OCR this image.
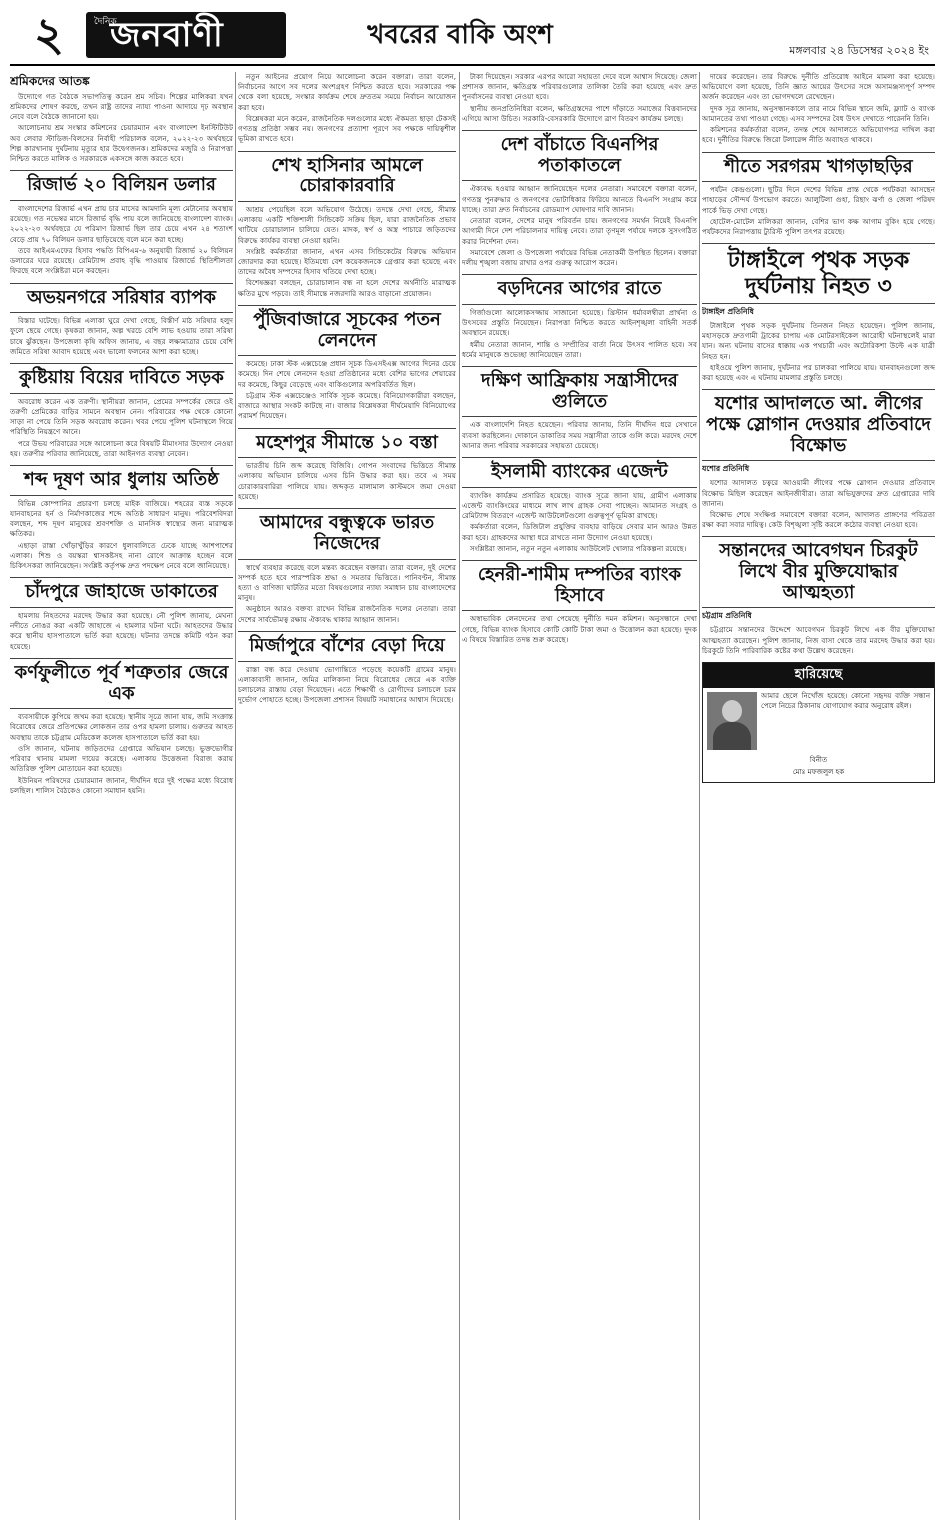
২	দৈনিক
জনবাণী	খবরের বাকি অংশ
মঙ্গলবার ২৪ ডিসেম্বর ২০২৪ ইং
শ্রমিকদের আতঙ্ক

উদ্যোগে গত বৈঠকে সভাপতিত্ব করেন শ্রম সচিব। শিল্পের মালিকরা যখন শ্রমিকদের শোষণ করছে, তখন রাষ্ট্র তাদের ন্যায্য পাওনা আদায়ে দৃঢ় অবস্থান নেবে বলে বৈঠকে জানানো হয়।

আলোচনায় শ্রম সংস্কার কমিশনের চেয়ারম্যান এবং বাংলাদেশ ইনস্টিটিউট অব লেবার স্টাডিজ-বিলসের নির্বাহী পরিচালক বলেন, ২০২২-২৩ অর্থবছরে শিল্প কারখানায় দুর্ঘটনায় মৃত্যুর হার উদ্বেগজনক। শ্রমিকদের মজুরি ও নিরাপত্তা নিশ্চিত করতে মালিক ও সরকারকে একসঙ্গে কাজ করতে হবে।

রিজার্ভ ২০ বিলিয়ন ডলার

বাংলাদেশের রিজার্ভ এখন প্রায় চার মাসের আমদানি মূল্য মেটানোর অবস্থায় রয়েছে। গত নভেম্বর মাসে রিজার্ভ বৃদ্ধি পায় বলে জানিয়েছে বাংলাদেশ ব্যাংক। ২০২২-২৩ অর্থবছরে যে পরিমাণ রিজার্ভ ছিল তার চেয়ে এখন ২৪ শতাংশ বেড়ে প্রায় ৭০ বিলিয়ন ডলার ছাড়িয়েছে বলে মনে করা হচ্ছে।

তবে আইএমএফের হিসাব পদ্ধতি বিপিএম-৬ অনুযায়ী রিজার্ভ ২০ বিলিয়ন ডলারের ঘরে রয়েছে। রেমিট্যান্স প্রবাহ বৃদ্ধি পাওয়ায় রিজার্ভে স্থিতিশীলতা ফিরছে বলে সংশ্লিষ্টরা মনে করছেন।

অভয়নগরে সরিষার ব্যাপক

বিস্তার ঘটেছে। বিভিন্ন এলাকা ঘুরে দেখা গেছে, বিস্তীর্ণ মাঠ সরিষার হলুদ ফুলে ছেয়ে গেছে। কৃষকরা জানান, অল্প খরচে বেশি লাভ হওয়ায় তারা সরিষা চাষে ঝুঁকছেন। উপজেলা কৃষি অফিস জানায়, এ বছর লক্ষ্যমাত্রার চেয়ে বেশি জমিতে সরিষা আবাদ হয়েছে এবং ভালো ফলনের আশা করা হচ্ছে।

কুষ্টিয়ায় বিয়ের দাবিতে সড়ক

অবরোধ করেন এক তরুণী। স্থানীয়রা জানান, প্রেমের সম্পর্কের জেরে ওই তরুণী প্রেমিকের বাড়ির সামনে অবস্থান নেন। পরিবারের পক্ষ থেকে কোনো সাড়া না পেয়ে তিনি সড়ক অবরোধ করেন। খবর পেয়ে পুলিশ ঘটনাস্থলে গিয়ে পরিস্থিতি নিয়ন্ত্রণে আনে।

পরে উভয় পরিবারের সঙ্গে আলোচনা করে বিষয়টি মীমাংসার উদ্যোগ নেওয়া হয়। তরুণীর পরিবার জানিয়েছে, তারা আইনগত ব্যবস্থা নেবেন।

শব্দ দূষণ আর ধুলায় অতিষ্ঠ

বিভিন্ন কোম্পানির প্রচারণা চলছে মাইক বাজিয়ে। শহরের ব্যস্ত সড়কে যানবাহনের হর্ন ও নির্মাণকাজের শব্দে অতিষ্ঠ সাধারণ মানুষ। পরিবেশবিদরা বলছেন, শব্দ দূষণ মানুষের শ্রবণশক্তি ও মানসিক স্বাস্থ্যের জন্য মারাত্মক ক্ষতিকর।

এছাড়া রাস্তা খোঁড়াখুঁড়ির কারণে ধুলাবালিতে ঢেকে যাচ্ছে আশপাশের এলাকা। শিশু ও বয়স্করা শ্বাসকষ্টসহ নানা রোগে আক্রান্ত হচ্ছেন বলে চিকিৎসকরা জানিয়েছেন। সংশ্লিষ্ট কর্তৃপক্ষ দ্রুত পদক্ষেপ নেবে বলে জানিয়েছে।

চাঁদপুরে জাহাজে ডাকাতের

হামলায় নিহতদের মরদেহ উদ্ধার করা হয়েছে। নৌ পুলিশ জানায়, মেঘনা নদীতে নোঙর করা একটি জাহাজে এ হামলার ঘটনা ঘটে। আহতদের উদ্ধার করে স্থানীয় হাসপাতালে ভর্তি করা হয়েছে। ঘটনার তদন্তে কমিটি গঠন করা হয়েছে।

কর্ণফুলীতে পূর্ব শত্রুতার জেরে এক

ব্যবসায়ীকে কুপিয়ে জখম করা হয়েছে। স্থানীয় সূত্রে জানা যায়, জমি সংক্রান্ত বিরোধের জেরে প্রতিপক্ষের লোকজন তার ওপর হামলা চালায়। গুরুতর আহত অবস্থায় তাকে চট্টগ্রাম মেডিকেল কলেজ হাসপাতালে ভর্তি করা হয়।

ওসি জানান, ঘটনায় জড়িতদের গ্রেপ্তারে অভিযান চলছে। ভুক্তভোগীর পরিবার থানায় মামলা দায়ের করেছে। এলাকায় উত্তেজনা বিরাজ করায় অতিরিক্ত পুলিশ মোতায়েন করা হয়েছে।

ইউনিয়ন পরিষদের চেয়ারম্যান জানান, দীর্ঘদিন ধরে দুই পক্ষের মধ্যে বিরোধ চলছিল। শালিস বৈঠকেও কোনো সমাধান হয়নি।

নতুন আইনের প্রয়োগ নিয়ে আলোচনা করেন বক্তারা। তারা বলেন, নির্বাচনের আগে সব দলের অংশগ্রহণ নিশ্চিত করতে হবে। সরকারের পক্ষ থেকে বলা হয়েছে, সংস্কার কার্যক্রম শেষে দ্রুততম সময়ে নির্বাচন আয়োজন করা হবে।

বিশ্লেষকরা মনে করেন, রাজনৈতিক দলগুলোর মধ্যে ঐকমত্য ছাড়া টেকসই গণতন্ত্র প্রতিষ্ঠা সম্ভব নয়। জনগণের প্রত্যাশা পূরণে সব পক্ষকে দায়িত্বশীল ভূমিকা রাখতে হবে।

শেখ হাসিনার আমলে চোরাকারবারি

আশ্রয় পেয়েছিল বলে অভিযোগ উঠেছে। তদন্তে দেখা গেছে, সীমান্ত এলাকায় একটি শক্তিশালী সিন্ডিকেট সক্রিয় ছিল, যারা রাজনৈতিক প্রভাব খাটিয়ে চোরাচালান চালিয়ে যেত। মাদক, স্বর্ণ ও অস্ত্র পাচারে জড়িতদের বিরুদ্ধে কার্যকর ব্যবস্থা নেওয়া হয়নি।

সংশ্লিষ্ট কর্মকর্তারা জানান, এখন এসব সিন্ডিকেটের বিরুদ্ধে অভিযান জোরদার করা হয়েছে। ইতিমধ্যে বেশ কয়েকজনকে গ্রেপ্তার করা হয়েছে এবং তাদের অবৈধ সম্পদের হিসাব খতিয়ে দেখা হচ্ছে।

বিশেষজ্ঞরা বলছেন, চোরাচালান বন্ধ না হলে দেশের অর্থনীতি মারাত্মক ক্ষতির মুখে পড়বে। তাই সীমান্তে নজরদারি আরও বাড়ানো প্রয়োজন।

পুঁজিবাজারে সূচকের পতন লেনদেন

কমেছে। ঢাকা স্টক এক্সচেঞ্জে প্রধান সূচক ডিএসইএক্স আগের দিনের চেয়ে কমেছে। দিন শেষে লেনদেন হওয়া প্রতিষ্ঠানের মধ্যে বেশির ভাগের শেয়ারের দর কমেছে, কিছুর বেড়েছে এবং বাকিগুলোর অপরিবর্তিত ছিল।

চট্টগ্রাম স্টক এক্সচেঞ্জেও সার্বিক সূচক কমেছে। বিনিয়োগকারীরা বলছেন, বাজারে আস্থার সংকট কাটছে না। বাজার বিশ্লেষকরা দীর্ঘমেয়াদি বিনিয়োগের পরামর্শ দিয়েছেন।

মহেশপুর সীমান্তে ১০ বস্তা

ভারতীয় চিনি জব্দ করেছে বিজিবি। গোপন সংবাদের ভিত্তিতে সীমান্ত এলাকায় অভিযান চালিয়ে এসব চিনি উদ্ধার করা হয়। তবে এ সময় চোরাকারবারিরা পালিয়ে যায়। জব্দকৃত মালামাল কাস্টমসে জমা দেওয়া হয়েছে।

আমাদের বন্ধুত্বকে ভারত নিজেদের

স্বার্থে ব্যবহার করেছে বলে মন্তব্য করেছেন বক্তারা। তারা বলেন, দুই দেশের সম্পর্ক হতে হবে পারস্পরিক শ্রদ্ধা ও সমতার ভিত্তিতে। পানিবণ্টন, সীমান্ত হত্যা ও বাণিজ্য ঘাটতির মতো বিষয়গুলোর ন্যায্য সমাধান চায় বাংলাদেশের মানুষ।

অনুষ্ঠানে আরও বক্তব্য রাখেন বিভিন্ন রাজনৈতিক দলের নেতারা। তারা দেশের সার্বভৌমত্ব রক্ষায় ঐক্যবদ্ধ থাকার আহ্বান জানান।

মির্জাপুরে বাঁশের বেড়া দিয়ে

রাস্তা বন্ধ করে দেওয়ায় ভোগান্তিতে পড়েছে কয়েকটি গ্রামের মানুষ। এলাকাবাসী জানান, জমির মালিকানা নিয়ে বিরোধের জেরে এক ব্যক্তি চলাচলের রাস্তায় বেড়া দিয়েছেন। এতে শিক্ষার্থী ও রোগীদের চলাচলে চরম দুর্ভোগ পোহাতে হচ্ছে। উপজেলা প্রশাসন বিষয়টি সমাধানের আশ্বাস দিয়েছে।

টাকা দিয়েছেন। সরকার এরপর আরো সহায়তা দেবে বলে আশ্বাস দিয়েছে। জেলা প্রশাসক জানান, ক্ষতিগ্রস্ত পরিবারগুলোর তালিকা তৈরি করা হয়েছে এবং দ্রুত পুনর্বাসনের ব্যবস্থা নেওয়া হবে।

স্থানীয় জনপ্রতিনিধিরা বলেন, ক্ষতিগ্রস্তদের পাশে দাঁড়াতে সমাজের বিত্তবানদের এগিয়ে আসা উচিত। সরকারি-বেসরকারি উদ্যোগে ত্রাণ বিতরণ কার্যক্রম চলছে।

দেশ বাঁচাতে বিএনপির পতাকাতলে

ঐক্যবদ্ধ হওয়ার আহ্বান জানিয়েছেন দলের নেতারা। সমাবেশে বক্তারা বলেন, গণতন্ত্র পুনরুদ্ধার ও জনগণের ভোটাধিকার ফিরিয়ে আনতে বিএনপি সংগ্রাম করে যাচ্ছে। তারা দ্রুত নির্বাচনের রোডম্যাপ ঘোষণার দাবি জানান।

নেতারা বলেন, দেশের মানুষ পরিবর্তন চায়। জনগণের সমর্থন নিয়েই বিএনপি আগামী দিনে দেশ পরিচালনার দায়িত্ব নেবে। তারা তৃণমূল পর্যায়ে দলকে সুসংগঠিত করার নির্দেশনা দেন।

সমাবেশে জেলা ও উপজেলা পর্যায়ের বিভিন্ন নেতাকর্মী উপস্থিত ছিলেন। বক্তারা দলীয় শৃঙ্খলা বজায় রাখার ওপর গুরুত্ব আরোপ করেন।

বড়দিনের আগের রাতে

গির্জাগুলো আলোকসজ্জায় সাজানো হয়েছে। খ্রিস্টান ধর্মাবলম্বীরা প্রার্থনা ও উৎসবের প্রস্তুতি নিয়েছেন। নিরাপত্তা নিশ্চিত করতে আইনশৃঙ্খলা বাহিনী সতর্ক অবস্থানে রয়েছে।

ধর্মীয় নেতারা জানান, শান্তি ও সম্প্রীতির বার্তা নিয়ে উৎসব পালিত হবে। সব ধর্মের মানুষকে শুভেচ্ছা জানিয়েছেন তারা।

দক্ষিণ আফ্রিকায় সন্ত্রাসীদের গুলিতে

এক বাংলাদেশি নিহত হয়েছেন। পরিবার জানায়, তিনি দীর্ঘদিন ধরে সেখানে ব্যবসা করছিলেন। দোকানে ডাকাতির সময় সন্ত্রাসীরা তাকে গুলি করে। মরদেহ দেশে আনার জন্য পরিবার সরকারের সহায়তা চেয়েছে।

ইসলামী ব্যাংকের এজেন্ট

ব্যাংকিং কার্যক্রম প্রসারিত হয়েছে। ব্যাংক সূত্রে জানা যায়, গ্রামীণ এলাকায় এজেন্ট ব্যাংকিংয়ের মাধ্যমে লাখ লাখ গ্রাহক সেবা পাচ্ছেন। আমানত সংগ্রহ ও রেমিট্যান্স বিতরণে এজেন্ট আউটলেটগুলো গুরুত্বপূর্ণ ভূমিকা রাখছে।

কর্মকর্তারা বলেন, ডিজিটাল প্রযুক্তির ব্যবহার বাড়িয়ে সেবার মান আরও উন্নত করা হবে। গ্রাহকদের আস্থা ধরে রাখতে নানা উদ্যোগ নেওয়া হয়েছে।

সংশ্লিষ্টরা জানান, নতুন নতুন এলাকায় আউটলেট খোলার পরিকল্পনা রয়েছে।

হেনরী-শামীম দম্পতির ব্যাংক হিসাবে

অস্বাভাবিক লেনদেনের তথ্য পেয়েছে দুর্নীতি দমন কমিশন। অনুসন্ধানে দেখা গেছে, বিভিন্ন ব্যাংক হিসাবে কোটি কোটি টাকা জমা ও উত্তোলন করা হয়েছে। দুদক এ বিষয়ে বিস্তারিত তদন্ত শুরু করেছে।

দায়ের করেছেন। তার বিরুদ্ধে দুর্নীতি প্রতিরোধ আইনে মামলা করা হয়েছে। অভিযোগে বলা হয়েছে, তিনি জ্ঞাত আয়ের উৎসের সঙ্গে অসামঞ্জস্যপূর্ণ সম্পদ অর্জন করেছেন এবং তা ভোগদখলে রেখেছেন।

দুদক সূত্র জানায়, অনুসন্ধানকালে তার নামে বিভিন্ন স্থানে জমি, ফ্ল্যাট ও ব্যাংক আমানতের তথ্য পাওয়া গেছে। এসব সম্পদের বৈধ উৎস দেখাতে পারেননি তিনি।

কমিশনের কর্মকর্তারা বলেন, তদন্ত শেষে আদালতে অভিযোগপত্র দাখিল করা হবে। দুর্নীতির বিরুদ্ধে জিরো টলারেন্স নীতি অব্যাহত থাকবে।

শীতে সরগরম খাগড়াছড়ির

পর্যটন কেন্দ্রগুলো। ছুটির দিনে দেশের বিভিন্ন প্রান্ত থেকে পর্যটকরা আসছেন পাহাড়ের সৌন্দর্য উপভোগ করতে। আলুটিলা গুহা, রিছাং ঝর্ণা ও জেলা পরিষদ পার্কে ভিড় দেখা গেছে।

হোটেল-মোটেল মালিকরা জানান, বেশির ভাগ কক্ষ আগাম বুকিং হয়ে গেছে। পর্যটকদের নিরাপত্তায় ট্যুরিস্ট পুলিশ তৎপর রয়েছে।

টাঙ্গাইলে পৃথক সড়ক দুর্ঘটনায় নিহত ৩
টাঙ্গাইল প্রতিনিধি

টাঙ্গাইলে পৃথক সড়ক দুর্ঘটনায় তিনজন নিহত হয়েছেন। পুলিশ জানায়, মহাসড়কে দ্রুতগামী ট্রাকের চাপায় এক মোটরসাইকেল আরোহী ঘটনাস্থলেই মারা যান। অন্য ঘটনায় বাসের ধাক্কায় এক পথচারী এবং অটোরিকশা উল্টে এক যাত্রী নিহত হন।

হাইওয়ে পুলিশ জানায়, দুর্ঘটনার পর চালকরা পালিয়ে যায়। যানবাহনগুলো জব্দ করা হয়েছে এবং এ ঘটনায় মামলার প্রস্তুতি চলছে।

যশোর আদালতে আ. লীগের পক্ষে স্লোগান দেওয়ার প্রতিবাদে বিক্ষোভ
যশোর প্রতিনিধি

যশোর আদালত চত্বরে আওয়ামী লীগের পক্ষে স্লোগান দেওয়ার প্রতিবাদে বিক্ষোভ মিছিল করেছেন আইনজীবীরা। তারা অভিযুক্তদের দ্রুত গ্রেপ্তারের দাবি জানান।

বিক্ষোভ শেষে সংক্ষিপ্ত সমাবেশে বক্তারা বলেন, আদালত প্রাঙ্গণের পবিত্রতা রক্ষা করা সবার দায়িত্ব। কেউ বিশৃঙ্খলা সৃষ্টি করলে কঠোর ব্যবস্থা নেওয়া হবে।

সন্তানদের আবেগঘন চিরকুট লিখে বীর মুক্তিযোদ্ধার আত্মহত্যা
চট্টগ্রাম প্রতিনিধি

চট্টগ্রামে সন্তানদের উদ্দেশে আবেগঘন চিরকুট লিখে এক বীর মুক্তিযোদ্ধা আত্মহত্যা করেছেন। পুলিশ জানায়, নিজ বাসা থেকে তার মরদেহ উদ্ধার করা হয়। চিরকুটে তিনি পারিবারিক কষ্টের কথা উল্লেখ করেছেন।

হারিয়েছে
আমার ছেলে নিখোঁজ হয়েছে। কোনো সহৃদয় ব্যক্তি সন্ধান পেলে নিচের ঠিকানায় যোগাযোগ করার অনুরোধ রইল।
বিনীত
মোঃ মফজলুল হক
